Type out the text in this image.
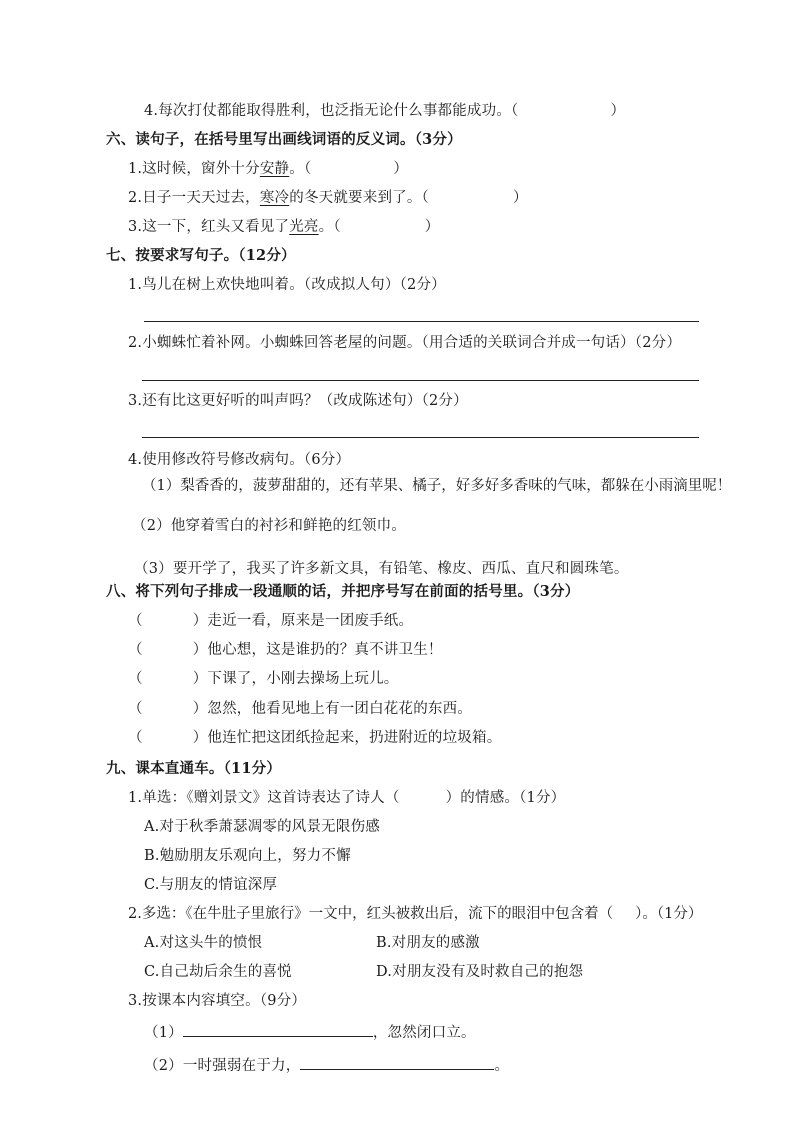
4.每次打仗都能取得胜利，也泛指无论什么事都能成功。（	）
六、读句子，在括号里写出画线词语的反义词。（3分）
1.这时候，窗外十分安静。（	）
2.日子一天天过去，寒冷的冬天就要来到了。（	）
3.这一下，红头又看见了光亮。（	）
七、按要求写句子。（12分）
1.鸟儿在树上欢快地叫着。（改成拟人句）（2分）
2.小蜘蛛忙着补网。小蜘蛛回答老屋的问题。（用合适的关联词合并成一句话）（2分）
3.还有比这更好听的叫声吗？（改成陈述句）（2分）
4.使用修改符号修改病句。（6分）
（1）梨香香的，菠萝甜甜的，还有苹果、橘子，好多好多香味的气味，都躲在小雨滴里呢！
（2）他穿着雪白的衬衫和鲜艳的红领巾。
（3）要开学了，我买了许多新文具，有铅笔、橡皮、西瓜、直尺和圆珠笔。
八、将下列句子排成一段通顺的话，并把序号写在前面的括号里。（3分）
（	）走近一看，原来是一团废手纸。
（	）他心想，这是谁扔的？真不讲卫生！
（	）下课了，小刚去操场上玩儿。
（	）忽然，他看见地上有一团白花花的东西。
（	）他连忙把这团纸捡起来，扔进附近的垃圾箱。
九、课本直通车。（11分）
1.单选：《赠刘景文》这首诗表达了诗人（	）的情感。（1分）
A.对于秋季萧瑟凋零的风景无限伤感
B.勉励朋友乐观向上，努力不懈
C.与朋友的情谊深厚
2.多选：《在牛肚子里旅行》一文中，红头被救出后，流下的眼泪中包含着（ ）。（1分）
A.对这头牛的愤恨	B.对朋友的感激
C.自己劫后余生的喜悦	D.对朋友没有及时救自己的抱怨
3.按课本内容填空。（9分）
（1）	，忽然闭口立。
（2）一时强弱在于力，	。
